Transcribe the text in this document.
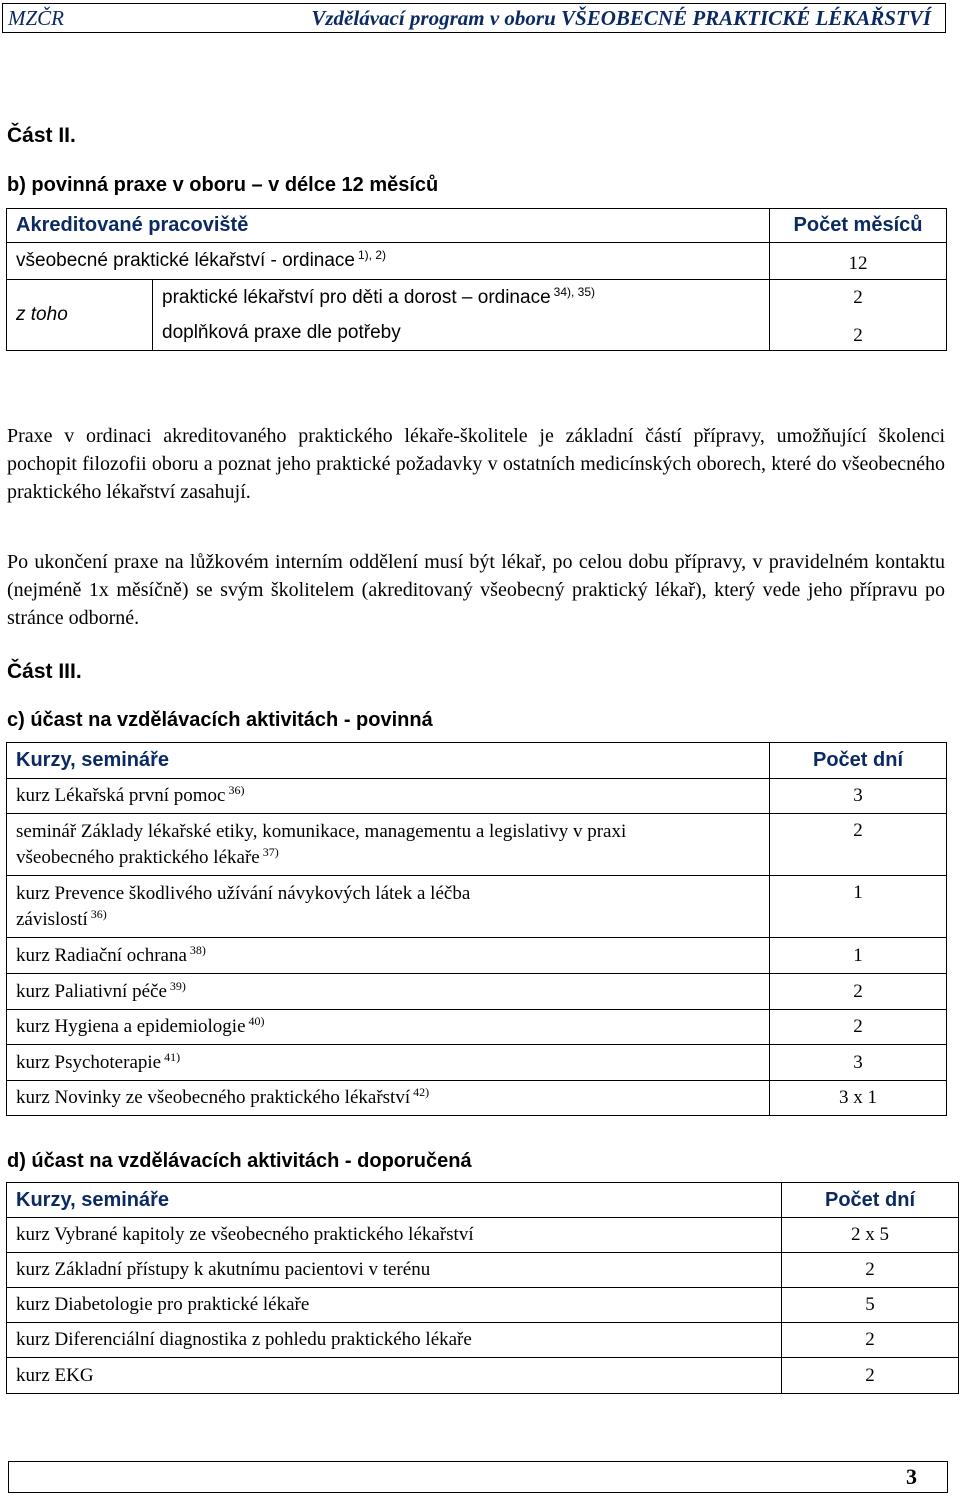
MZČR	Vzdělávací program v oboru VŠEOBECNÉ PRAKTICKÉ LÉKAŘSTVÍ
Část II.
b) povinná praxe v oboru – v délce 12 měsíců
Akreditované pracoviště		Počet měsíců
všeobecné praktické lékařství - ordinace $^{1), 2)}$		12
z toho	praktické lékařství pro děti a dorost – ordinace $^{34), 35)}$	2
	doplňková praxe dle potřeby	2

Praxe v ordinaci akreditovaného praktického lékaře-školitele je základní částí přípravy, umožňující školenci pochopit filozofii oboru a poznat jeho praktické požadavky v ostatních medicínských oborech, které do všeobecného praktického lékařství zasahují.

Po ukončení praxe na lůžkovém interním oddělení musí být lékař, po celou dobu přípravy, v pravidelném kontaktu (nejméně 1x měsíčně) se svým školitelem (akreditovaný všeobecný praktický lékař), který vede jeho přípravu po stránce odborné.

Část III.
c) účast na vzdělávacích aktivitách - povinná
Kurzy, semináře	Počet dní
kurz Lékařská první pomoc $^{36)}$	3
seminář Základy lékařské etiky, komunikace, managementu a legislativy v praxi
všeobecného praktického lékaře $^{37)}$	2
kurz Prevence škodlivého užívání návykových látek a léčba
závislostí $^{36)}$	1
kurz Radiační ochrana $^{38)}$	1
kurz Paliativní péče $^{39)}$	2
kurz Hygiena a epidemiologie $^{40)}$	2
kurz Psychoterapie $^{41)}$	3
kurz Novinky ze všeobecného praktického lékařství $^{42)}$	3 x 1
d) účast na vzdělávacích aktivitách - doporučená
Kurzy, semináře	Počet dní
kurz Vybrané kapitoly ze všeobecného praktického lékařství	2 x 5
kurz Základní přístupy k akutnímu pacientovi v terénu	2
kurz Diabetologie pro praktické lékaře	5
kurz Diferenciální diagnostika z pohledu praktického lékaře	2
kurz EKG	2
3
